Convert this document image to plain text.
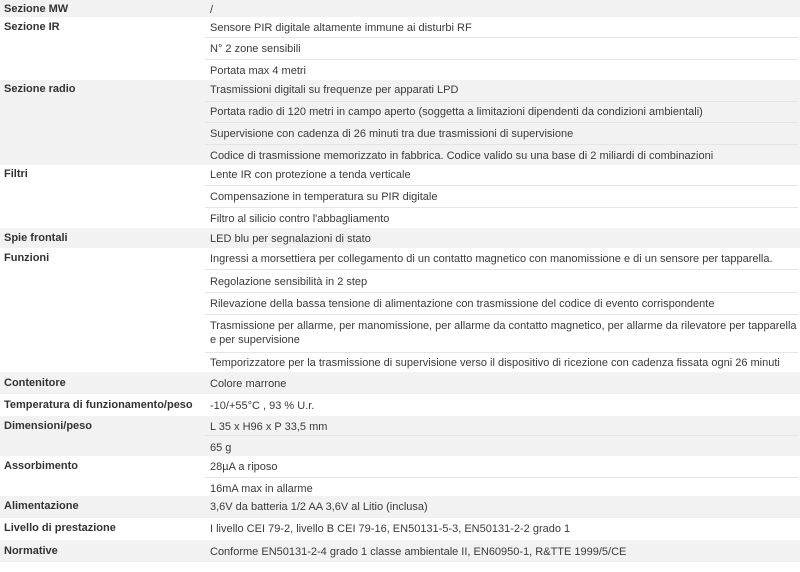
Sezione MW	/
Sezione IR	Sensore PIR digitale altamente immune ai disturbi RF
N° 2 zone sensibili
Portata max 4 metri
Sezione radio	Trasmissioni digitali su frequenze per apparati LPD
Portata radio di 120 metri in campo aperto (soggetta a limitazioni dipendenti da condizioni ambientali)
Supervisione con cadenza di 26 minuti tra due trasmissioni di supervisione
Codice di trasmissione memorizzato in fabbrica. Codice valido su una base di 2 miliardi di combinazioni
Filtri	Lente IR con protezione a tenda verticale
Compensazione in temperatura su PIR digitale
Filtro al silicio contro l'abbagliamento
Spie frontali	LED blu per segnalazioni di stato
Funzioni	Ingressi a morsettiera per collegamento di un contatto magnetico con manomissione e di un sensore per tapparella.
Regolazione sensibilità in 2 step
Rilevazione della bassa tensione di alimentazione con trasmissione del codice di evento corrispondente
Trasmissione per allarme, per manomissione, per allarme da contatto magnetico, per allarme da rilevatore per tapparella e per supervisione
Temporizzatore per la trasmissione di supervisione verso il dispositivo di ricezione con cadenza fissata ogni 26 minuti
Contenitore	Colore marrone
Temperatura di funzionamento/peso -10/+55°C , 93 % U.r.
Dimensioni/peso	L 35 x H96 x P 33,5 mm
65 g
Assorbimento	28µA a riposo
16mA max in allarme
Alimentazione	3,6V da batteria 1/2 AA 3,6V al Litio (inclusa)
Livello di prestazione	I livello CEI 79-2, livello B CEI 79-16, EN50131-5-3, EN50131-2-2 grado 1
Normative	Conforme EN50131-2-4 grado 1 classe ambientale II, EN60950-1, R&TTE 1999/5/CE
